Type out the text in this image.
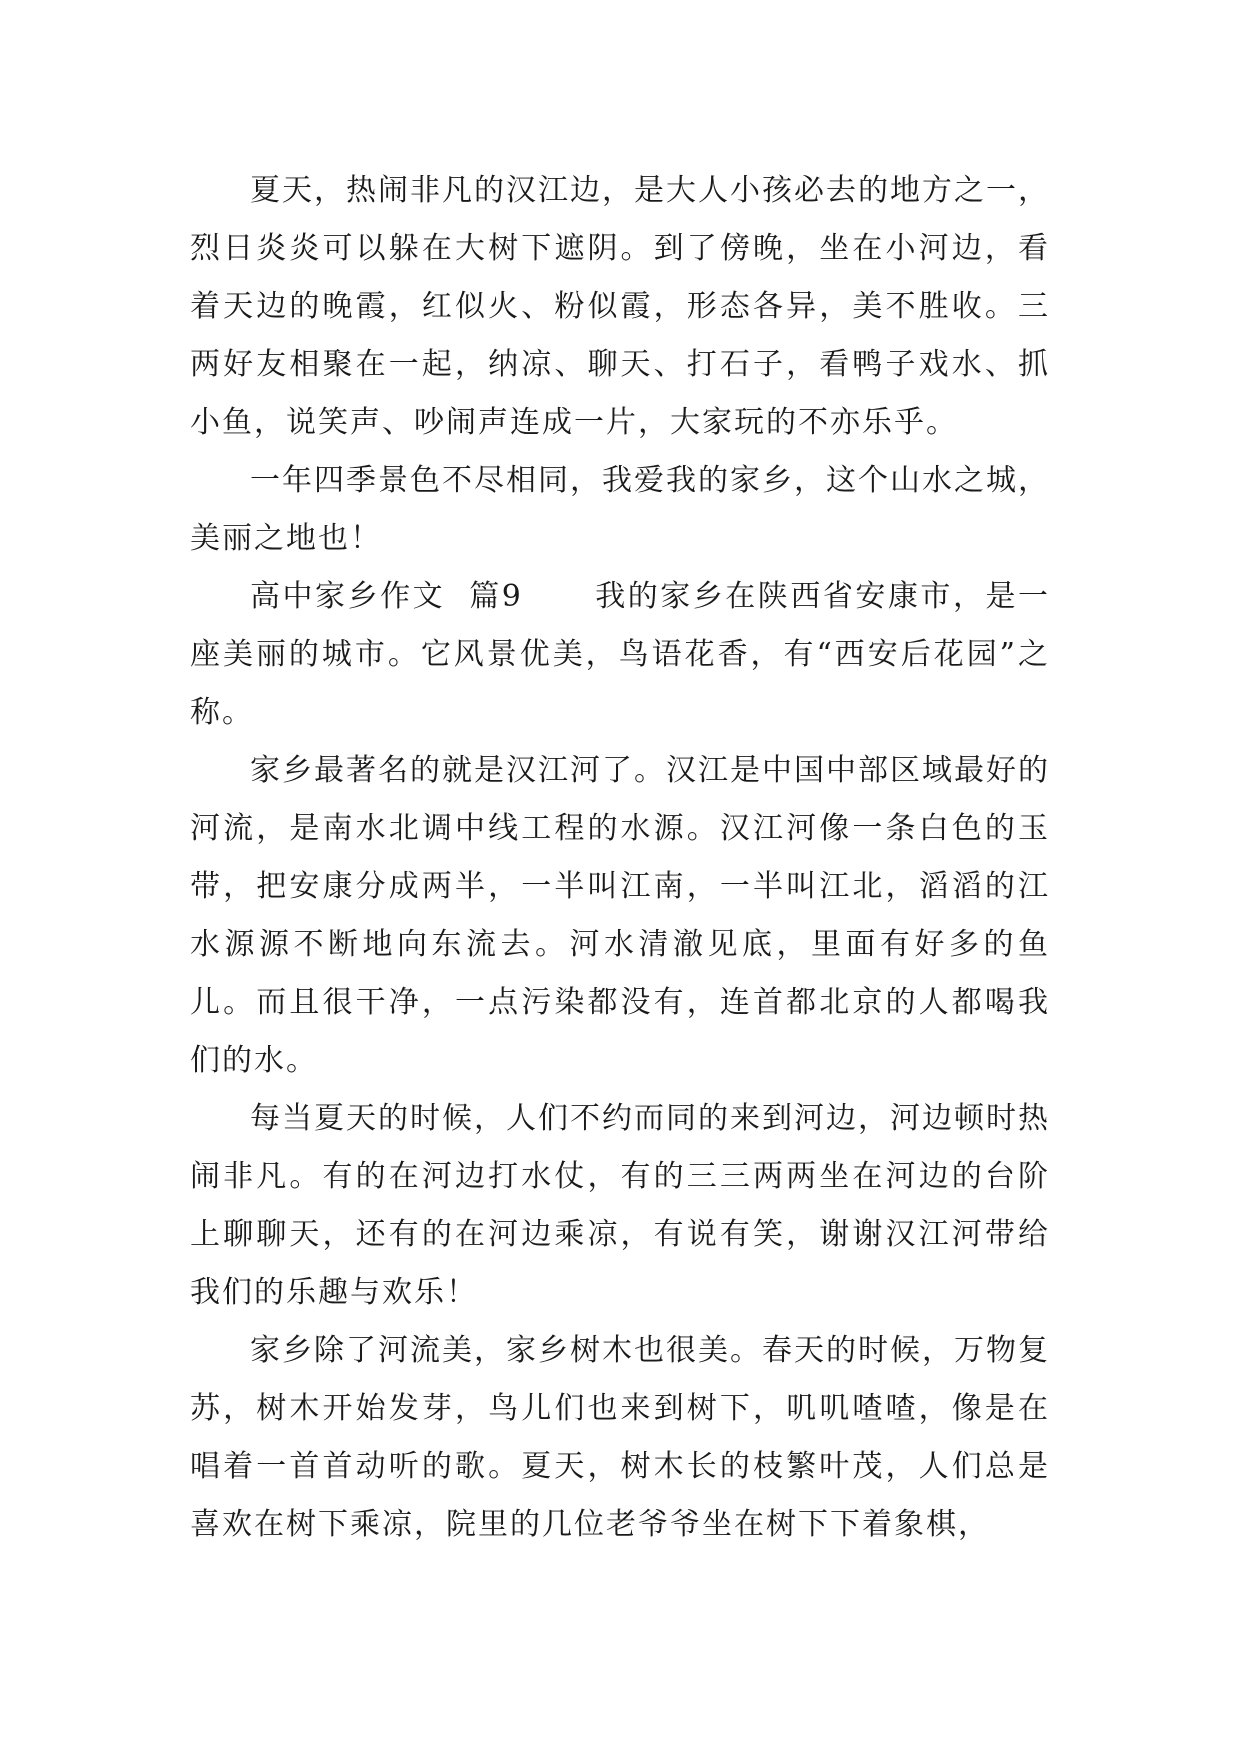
夏天，热闹非凡的汉江边，是大人小孩必去的地方之一，烈日炎炎可以躲在大树下遮阴。到了傍晚，坐在小河边，看着天边的晚霞，红似火、粉似霞，形态各异，美不胜收。三两好友相聚在一起，纳凉、聊天、打石子，看鸭子戏水、抓小鱼，说笑声、吵闹声连成一片，大家玩的不亦乐乎。

一年四季景色不尽相同，我爱我的家乡，这个山水之城，美丽之地也！

高中家乡作文  篇9      我的家乡在陕西省安康市，是一座美丽的城市。它风景优美，鸟语花香，有“西安后花园”之称。

家乡最著名的就是汉江河了。汉江是中国中部区域最好的河流，是南水北调中线工程的水源。汉江河像一条白色的玉带，把安康分成两半，一半叫江南，一半叫江北，滔滔的江水源源不断地向东流去。河水清澈见底，里面有好多的鱼儿。而且很干净，一点污染都没有，连首都北京的人都喝我们的水。

每当夏天的时候，人们不约而同的来到河边，河边顿时热闹非凡。有的在河边打水仗，有的三三两两坐在河边的台阶上聊聊天，还有的在河边乘凉，有说有笑，谢谢汉江河带给我们的乐趣与欢乐！

家乡除了河流美，家乡树木也很美。春天的时候，万物复苏，树木开始发芽，鸟儿们也来到树下，叽叽喳喳，像是在唱着一首首动听的歌。夏天，树木长的枝繁叶茂，人们总是喜欢在树下乘凉，院里的几位老爷爷坐在树下下着象棋，
